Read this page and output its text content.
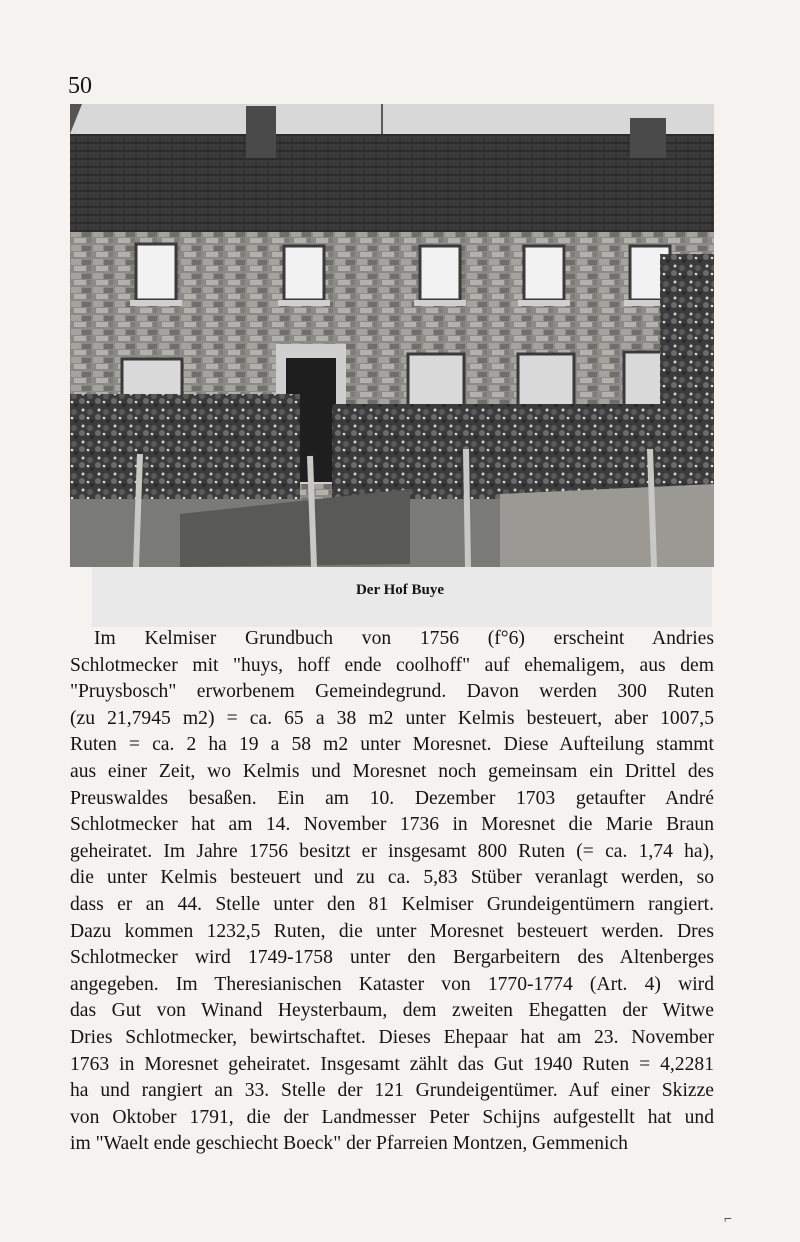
50
Der Hof Buye

Im Kelmiser Grundbuch von 1756 (f°6) erscheint Andries
Schlotmecker mit "huys, hoff ende coolhoff" auf ehemaligem, aus dem
"Pruysbosch" erworbenem Gemeindegrund. Davon werden 300 Ruten
(zu 21,7945 m2) = ca. 65 a 38 m2 unter Kelmis besteuert, aber 1007,5
Ruten = ca. 2 ha 19 a 58 m2 unter Moresnet. Diese Aufteilung stammt
aus einer Zeit, wo Kelmis und Moresnet noch gemeinsam ein Drittel des
Preuswaldes besaßen. Ein am 10. Dezember 1703 getaufter André
Schlotmecker hat am 14. November 1736 in Moresnet die Marie Braun
geheiratet. Im Jahre 1756 besitzt er insgesamt 800 Ruten (= ca. 1,74 ha),
die unter Kelmis besteuert und zu ca. 5,83 Stüber veranlagt werden, so
dass er an 44. Stelle unter den 81 Kelmiser Grundeigentümern rangiert.
Dazu kommen 1232,5 Ruten, die unter Moresnet besteuert werden. Dres
Schlotmecker wird 1749-1758 unter den Bergarbeitern des Altenberges
angegeben. Im Theresianischen Kataster von 1770-1774 (Art. 4) wird
das Gut von Winand Heysterbaum, dem zweiten Ehegatten der Witwe
Dries Schlotmecker, bewirtschaftet. Dieses Ehepaar hat am 23. November
1763 in Moresnet geheiratet. Insgesamt zählt das Gut 1940 Ruten = 4,2281
ha und rangiert an 33. Stelle der 121 Grundeigentümer. Auf einer Skizze
von Oktober 1791, die der Landmesser Peter Schijns aufgestellt hat und
im "Waelt ende geschiecht Boeck" der Pfarreien Montzen, Gemmenich

⌐
